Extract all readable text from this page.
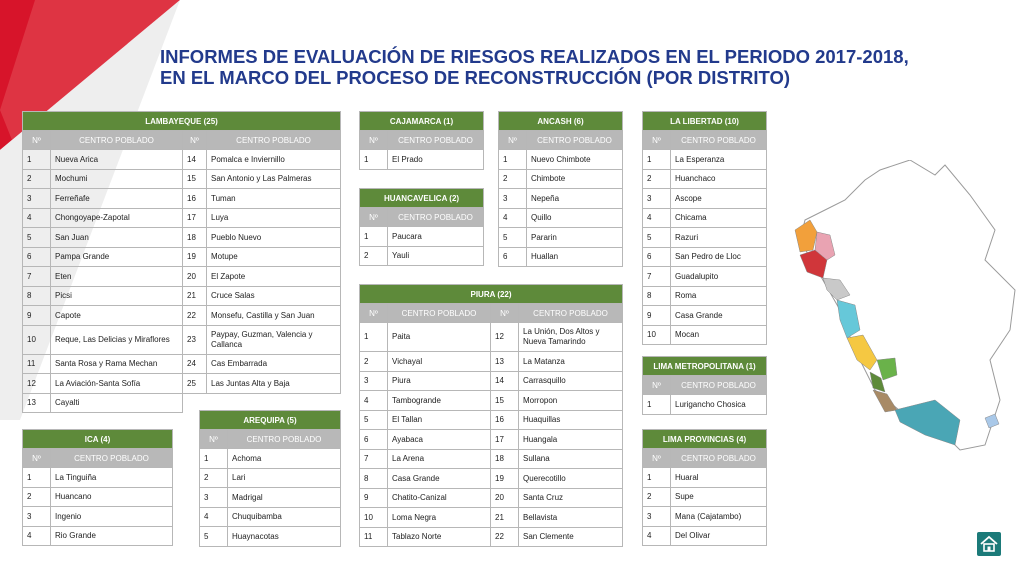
INFORMES DE EVALUACIÓN DE RIESGOS REALIZADOS EN EL PERIODO 2017-2018,
EN EL MARCO DEL PROCESO DE RECONSTRUCCIÓN (POR DISTRITO)
LAMBAYEQUE (25)			
Nº	CENTRO POBLADO	Nº	CENTRO POBLADO
1	Nueva Arica	14	Pomalca e Inviernillo
2	Mochumi	15	San Antonio y Las Palmeras
3	Ferreñafe	16	Tuman
4	Chongoyape-Zapotal	17	Luya
5	San Juan	18	Pueblo Nuevo
6	Pampa Grande	19	Motupe
7	Eten	20	El Zapote
8	Picsi	21	Cruce Salas
9	Capote	22	Monsefu, Castilla y San Juan
10	Reque, Las Delicias y Miraflores	23	Paypay, Guzman, Valencia y Callanca
11	Santa Rosa y Rama Mechan	24	Cas Embarrada
12	La Aviación-Santa Sofía	25	Las Juntas Alta y Baja
13	Cayalti		
CAJAMARCA (1)	
Nº	CENTRO POBLADO
1	El Prado
HUANCAVELICA (2)	
Nº	CENTRO POBLADO
1	Paucara
2	Yauli
ANCASH (6)	
Nº	CENTRO POBLADO
1	Nuevo Chimbote
2	Chimbote
3	Nepeña
4	Quillo
5	Pararin
6	Huallan
LA LIBERTAD (10)	
Nº	CENTRO POBLADO
1	La Esperanza
2	Huanchaco
3	Ascope
4	Chicama
5	Razuri
6	San Pedro de Lloc
7	Guadalupito
8	Roma
9	Casa Grande
10	Mocan
PIURA (22)			
Nº	CENTRO POBLADO	Nº	CENTRO POBLADO
1	Paita	12	La Unión, Dos Altos y Nueva Tamarindo
2	Vichayal	13	La Matanza
3	Piura	14	Carrasquillo
4	Tambogrande	15	Morropon
5	El Tallan	16	Huaquillas
6	Ayabaca	17	Huangala
7	La Arena	18	Sullana
8	Casa Grande	19	Querecotillo
9	Chatito-Canizal	20	Santa Cruz
10	Loma Negra	21	Bellavista
11	Tablazo Norte	22	San Clemente
LIMA METROPOLITANA (1)	
Nº	CENTRO POBLADO
1	Lurigancho Chosica
ICA (4)	
Nº	CENTRO POBLADO
1	La Tinguiña
2	Huancano
3	Ingenio
4	Rio Grande
AREQUIPA (5)	
Nº	CENTRO POBLADO
1	Achoma
2	Lari
3	Madrigal
4	Chuquibamba
5	Huaynacotas
LIMA PROVINCIAS (4)	
Nº	CENTRO POBLADO
1	Huaral
2	Supe
3	Mana (Cajatambo)
4	Del Olivar
